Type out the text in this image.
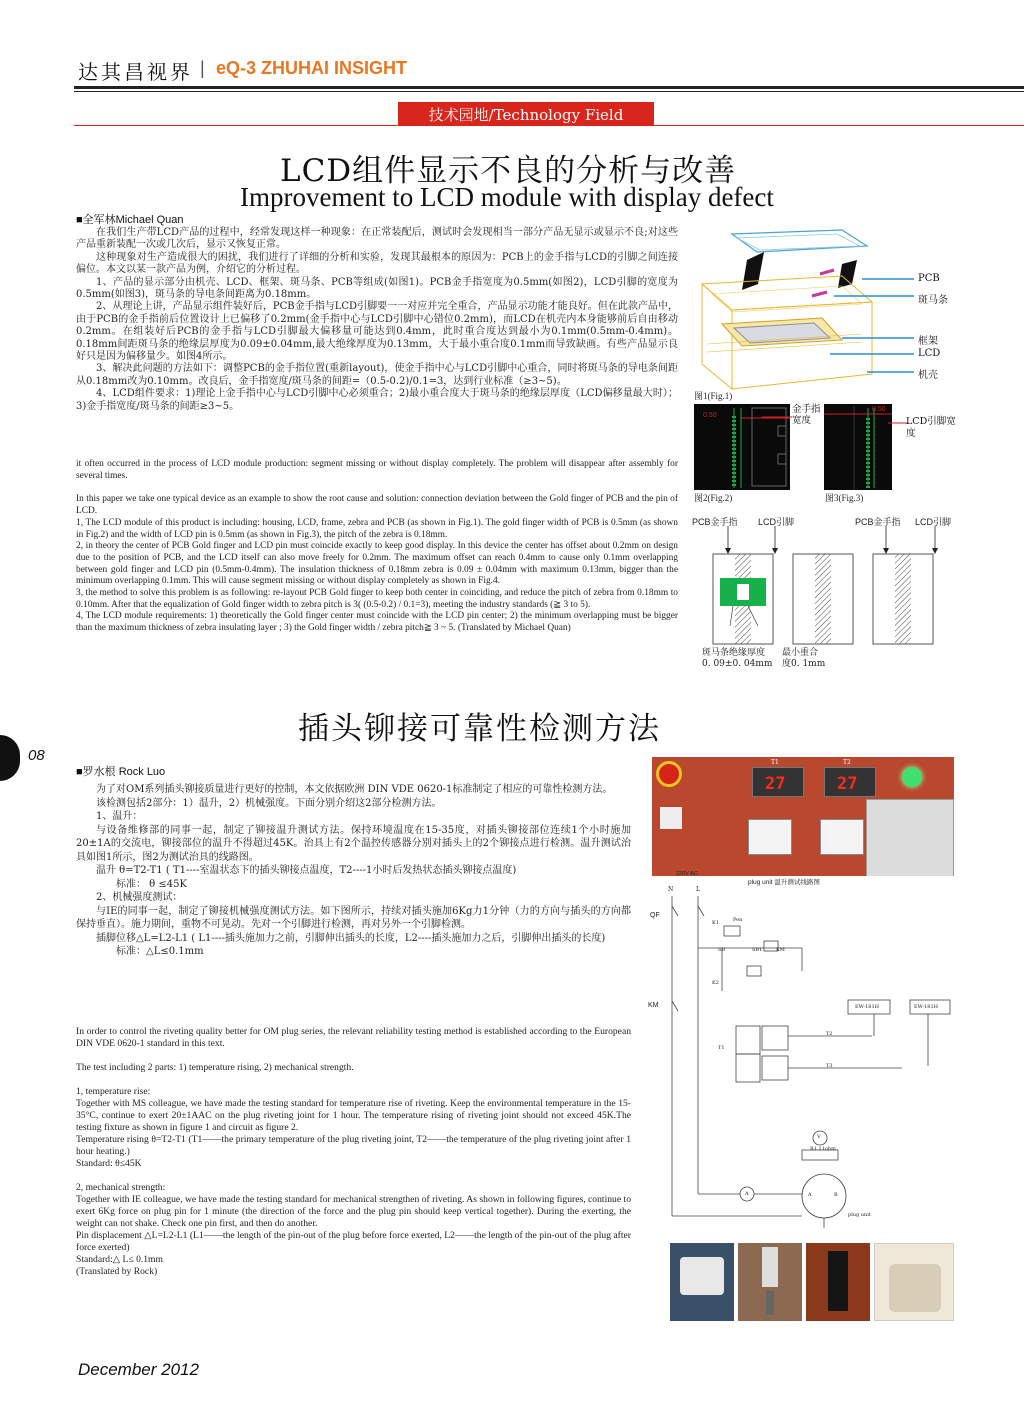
达其昌视界 | eQ-3 ZHUHAI INSIGHT
技术园地/Technology Field
LCD组件显示不良的分析与改善
Improvement to LCD module with display defect
■全军林Michael Quan

在我们生产带LCD产品的过程中，经常发现这样一种现象：在正常装配后，测试时会发现相当一部分产品无显示或显示不良;对这些产品重新装配一次或几次后，显示又恢复正常。

这种现象对生产造成很大的困扰，我们进行了详细的分析和实验，发现其最根本的原因为：PCB上的金手指与LCD的引脚之间连接偏位。本文以某一款产品为例，介绍它的分析过程。

1、产品的显示部分由机壳、LCD、框架、斑马条、PCB等组成(如图1)。PCB金手指宽度为0.5mm(如图2)，LCD引脚的宽度为0.5mm(如图3)，斑马条的导电条间距离为0.18mm。

2、从理论上讲，产品显示组件装好后，PCB金手指与LCD引脚要一一对应并完全重合，产品显示功能才能良好。但在此款产品中，由于PCB的金手指前后位置设计上已偏移了0.2mm(金手指中心与LCD引脚中心错位0.2mm)，而LCD在机壳内本身能够前后自由移动0.2mm。在组装好后PCB的金手指与LCD引脚最大偏移量可能达到0.4mm，此时重合度达到最小为0.1mm(0.5mm-0.4mm)。0.18mm间距斑马条的绝缘层厚度为0.09±0.04mm,最大绝缘厚度为0.13mm，大于最小重合度0.1mm而导致缺画。有些产品显示良好只是因为偏移量少。如图4所示。

3、解决此问题的方法如下：调整PCB的金手指位置(重新layout)，使金手指中心与LCD引脚中心重合，同时将斑马条的导电条间距从0.18mm改为0.10mm。改良后，金手指宽度/斑马条的间距=（0.5-0.2)/0.1=3，达到行业标准（≥3~5)。

4、LCD组件要求：1)理论上金手指中心与LCD引脚中心必须重合；2)最小重合度大于斑马条的绝缘层厚度（LCD偏移量最大时）；3)金手指宽度/斑马条的间距≥3~5。

it often occurred in the process of LCD module production: segment missing or without display completely. The problem will disappear after assembly for several times.

In this paper we take one typical device as an example to show the root cause and solution: connection deviation between the Gold finger of PCB and the pin of LCD.

1, The LCD module of this product is including: housing, LCD, frame, zebra and PCB (as shown in Fig.1). The gold finger width of PCB is 0.5mm (as shown in Fig.2) and the width of LCD pin is 0.5mm (as shown in Fig.3), the pitch of the zebra is 0.18mm.

2, in theory the center of PCB Gold finger and LCD pin must coincide exactly to keep good display. In this device the center has offset about 0.2mm on design due to the position of PCB, and the LCD itself can also move freely for 0.2mm. The maximum offset can reach 0.4mm to cause only 0.1mm overlapping between gold finger and LCD pin (0.5mm-0.4mm). The insulation thickness of 0.18mm zebra is 0.09 ± 0.04mm with maximum 0.13mm, bigger than the minimum overlapping 0.1mm. This will cause segment missing or without display completely as shown in Fig.4.

3, the method to solve this problem is as following: re-layout PCB Gold finger to keep both center in coinciding, and reduce the pitch of zebra from 0.18mm to 0.10mm. After that the equalization of Gold finger width to zebra pitch is 3( (0.5-0.2) / 0.1=3), meeting the industry standards (≧ 3 to 5).

4, The LCD module requirements: 1) theoretically the Gold finger center must coincide with the LCD pin center; 2) the minimum overlapping must be bigger than the maximum thickness of zebra insulating layer ; 3) the Gold finger width / zebra pitch≧ 3 ~ 5. (Translated by Michael Quan)

PCB
斑马条
框架
LCD
机壳
图1(Fig.1)
0.50
金手指宽度
图2(Fig.2)
0.50
LCD引脚宽度
图3(Fig.3)
PCB金手指 LCD引脚	PCB金手指 LCD引脚
斑马条绝缘厚度
0. 09±0. 04mm
最小重合
度0. 1mm
插头铆接可靠性检测方法
08
■罗水根 Rock Luo

为了对OM系列插头铆接质量进行更好的控制，本文依据欧洲 DIN VDE 0620-1标准制定了相应的可靠性检测方法。

该检测包括2部分：1）温升，2）机械强度。下面分别介绍这2部分检测方法。

1、温升：

与设备维修部的同事一起，制定了铆接温升测试方法。保持环境温度在15-35度，对插头铆接部位连续1个小时施加20±1A的交流电，铆接部位的温升不得超过45K。治具上有2个温控传感器分别对插头上的2个铆接点进行检测。温升测试治具如图1所示，图2为测试治具的线路图。

温升 θ=T2-T1 ( T1----室温状态下的插头铆接点温度，T2----1小时后发热状态插头铆接点温度)

标准： θ ≤45K

2、机械强度测试：

与IE的同事一起，制定了铆接机械强度测试方法。如下图所示，持续对插头施加6Kg力1分钟（力的方向与插头的方向都保持垂直）。施力期间，重物不可晃动。先对一个引脚进行检测，再对另外一个引脚检测。

插脚位移△L=L2-L1 ( L1----插头施加力之前，引脚伸出插头的长度，L2----插头施加力之后，引脚伸出插头的长度)

标准：△L≤0.1mm

In order to control the riveting quality better for OM plug series, the relevant reliability testing method is established according to the European DIN VDE 0620-1 standard in this text.

The test including 2 parts: 1) temperature rising, 2) mechanical strength.

1, temperature rise:

Together with MS colleague, we have made the testing standard for temperature rise of riveting. Keep the environmental temperature in the 15-35°C, continue to exert 20±1AAC on the plug riveting joint for 1 hour. The temperature rising of riveting joint should not exceed 45K.The testing fixture as shown in figure 1 and circuit as figure 2.

Temperature rising θ=T2-T1 (T1——the primary temperature of the plug riveting joint, T2——the temperature of the plug riveting joint after 1 hour heating.)

Standard: θ≤45K

2, mechanical strength:

Together with IE colleague, we have made the testing standard for mechanical strengthen of riveting. As shown in following figures, continue to exert 6Kg force on plug pin for 1 minute (the direction of the force and the plug pin should keep vertical together). During the exerting, the weight can not shake. Check one pin first, and then do another.

Pin displacement △L=L2-L1 (L1——the length of the pin-out of the plug before force exerted, L2——the length of the pin-out of the plug after force exerted)

Standard:△ L≤ 0.1mm

(Translated by Rock)

T1
27
T2
27
plug unit 温升测试线路图
220V AC
N	L
QF
KM
K1	Pen
SB	SB1	KM
K2
T1
T2
T3
EW-181H	EW-181H
R1 11ohm
V
A	A	B
plug unit
December 2012
